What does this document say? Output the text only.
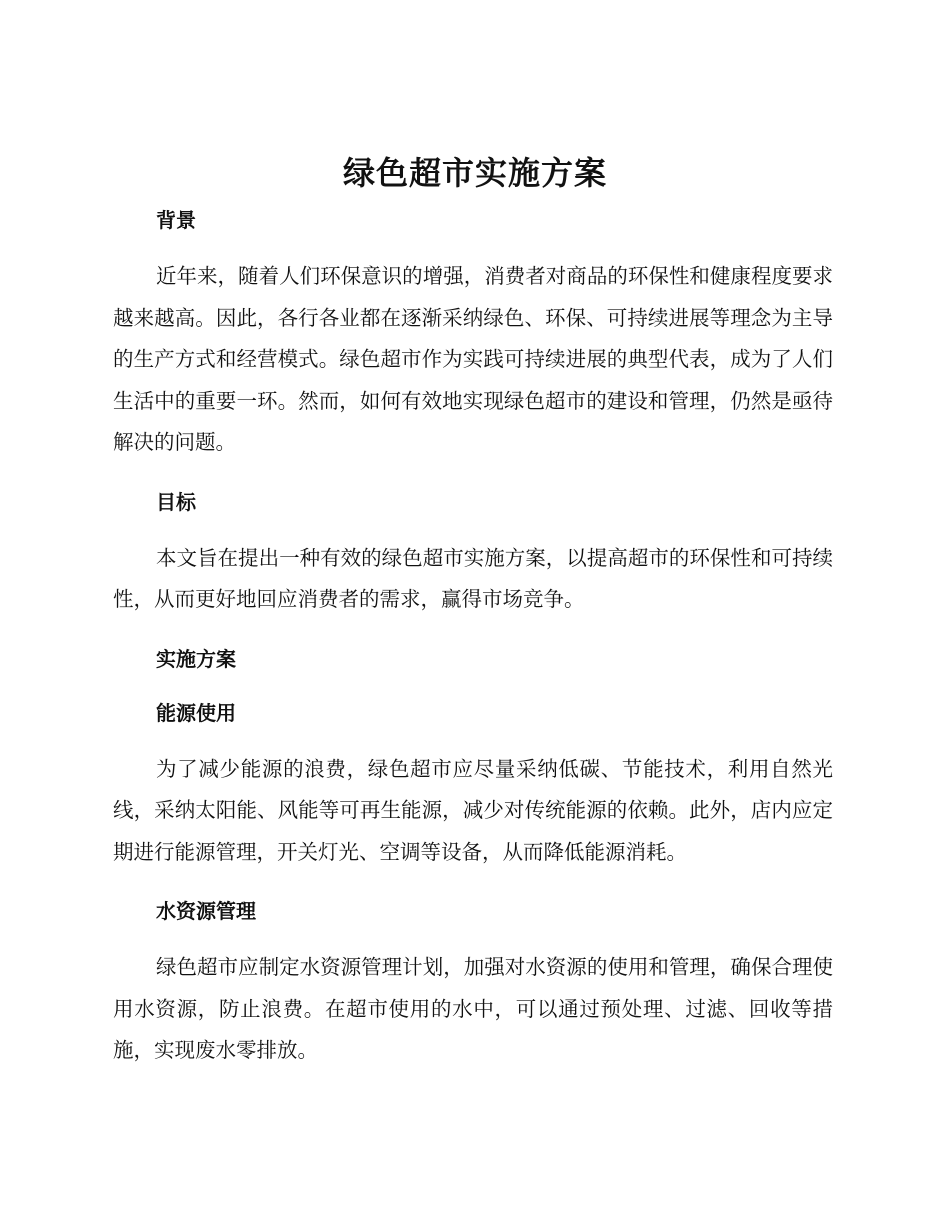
绿色超市实施方案

背景

近年来，随着人们环保意识的增强，消费者对商品的环保性和健康程度要求越来越高。因此，各行各业都在逐渐采纳绿色、环保、可持续进展等理念为主导的生产方式和经营模式。绿色超市作为实践可持续进展的典型代表，成为了人们生活中的重要一环。然而，如何有效地实现绿色超市的建设和管理，仍然是亟待解决的问题。

目标

本文旨在提出一种有效的绿色超市实施方案，以提高超市的环保性和可持续性，从而更好地回应消费者的需求，赢得市场竞争。

实施方案

能源使用

为了减少能源的浪费，绿色超市应尽量采纳低碳、节能技术，利用自然光线，采纳太阳能、风能等可再生能源，减少对传统能源的依赖。此外，店内应定期进行能源管理，开关灯光、空调等设备，从而降低能源消耗。

水资源管理

绿色超市应制定水资源管理计划，加强对水资源的使用和管理，确保合理使用水资源，防止浪费。在超市使用的水中，可以通过预处理、过滤、回收等措施，实现废水零排放。
